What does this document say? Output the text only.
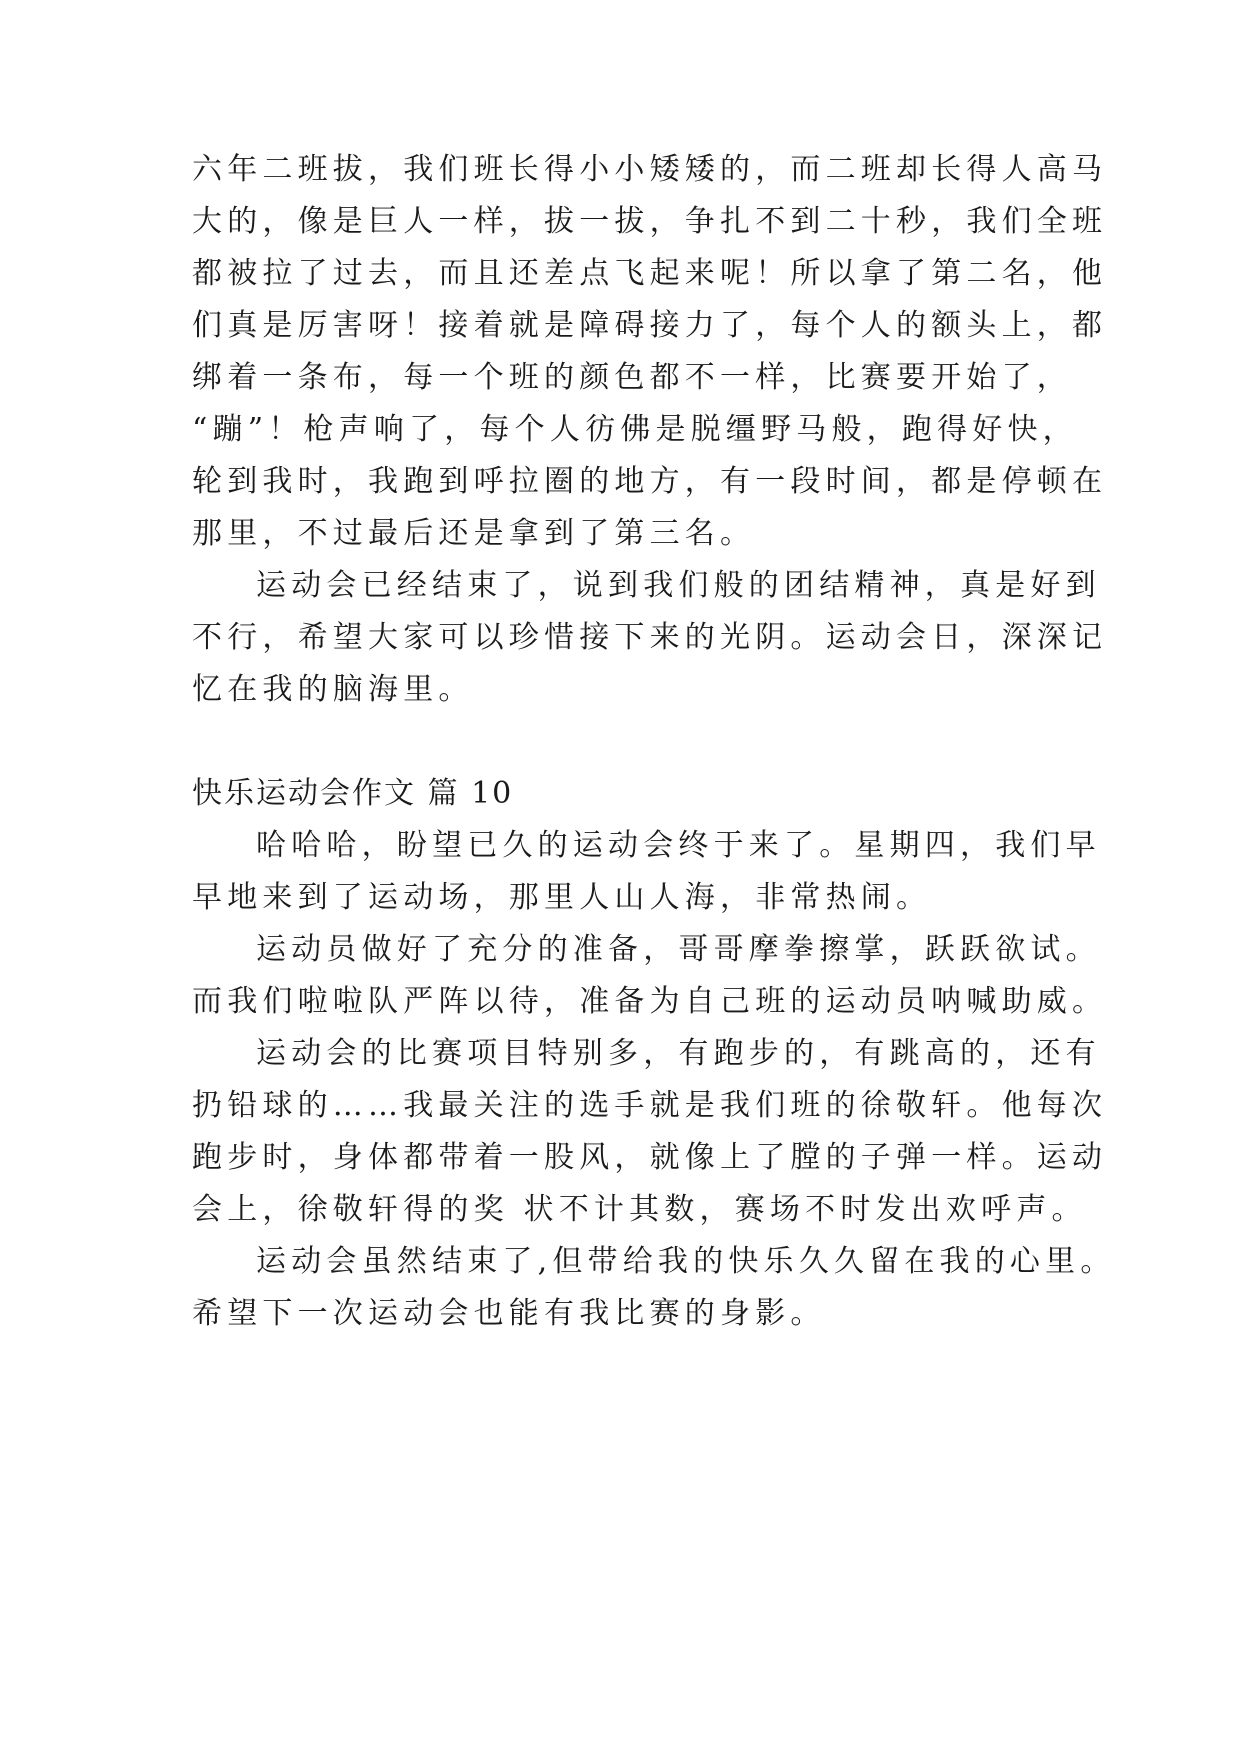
六年二班拔，我们班长得小小矮矮的，而二班却长得人高马
大的，像是巨人一样，拔一拔，争扎不到二十秒，我们全班
都被拉了过去，而且还差点飞起来呢！所以拿了第二名，他
们真是厉害呀！接着就是障碍接力了，每个人的额头上，都
绑着一条布，每一个班的颜色都不一样，比赛要开始了，
“蹦”！枪声响了，每个人彷佛是脱缰野马般，跑得好快，
轮到我时，我跑到呼拉圈的地方，有一段时间，都是停顿在
那里，不过最后还是拿到了第三名。
运动会已经结束了，说到我们般的团结精神，真是好到
不行，希望大家可以珍惜接下来的光阴。运动会日，深深记
忆在我的脑海里。
快乐运动会作文 篇 10
哈哈哈，盼望已久的运动会终于来了。星期四，我们早
早地来到了运动场，那里人山人海，非常热闹。
运动员做好了充分的准备，哥哥摩拳擦掌，跃跃欲试。
而我们啦啦队严阵以待，准备为自己班的运动员呐喊助威。
运动会的比赛项目特别多，有跑步的，有跳高的，还有
扔铅球的……我最关注的选手就是我们班的徐敬轩。他每次
跑步时，身体都带着一股风，就像上了膛的子弹一样。运动
会上，徐敬轩得的奖 状不计其数，赛场不时发出欢呼声。
运动会虽然结束了,但带给我的快乐久久留在我的心里。
希望下一次运动会也能有我比赛的身影。
